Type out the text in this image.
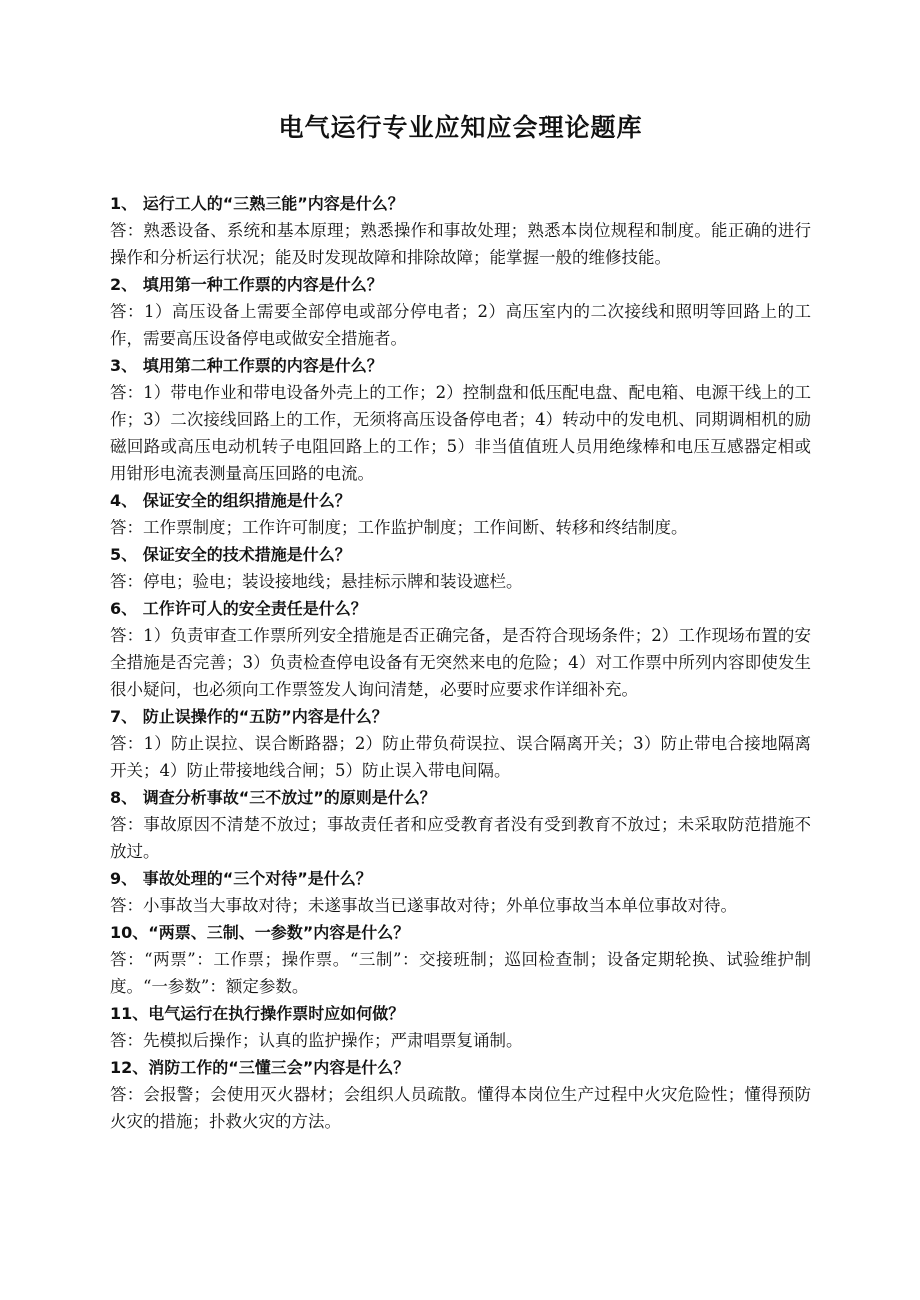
电气运行专业应知应会理论题库

1、 运行工人的“三熟三能”内容是什么？

答：熟悉设备、系统和基本原理；熟悉操作和事故处理；熟悉本岗位规程和制度。能正确的进行操作和分析运行状况；能及时发现故障和排除故障；能掌握一般的维修技能。

2、 填用第一种工作票的内容是什么？

答：1）高压设备上需要全部停电或部分停电者；2）高压室内的二次接线和照明等回路上的工作，需要高压设备停电或做安全措施者。

3、 填用第二种工作票的内容是什么？

答：1）带电作业和带电设备外壳上的工作；2）控制盘和低压配电盘、配电箱、电源干线上的工作；3）二次接线回路上的工作，无须将高压设备停电者；4）转动中的发电机、同期调相机的励磁回路或高压电动机转子电阻回路上的工作；5）非当值值班人员用绝缘棒和电压互感器定相或用钳形电流表测量高压回路的电流。

4、 保证安全的组织措施是什么？

答：工作票制度；工作许可制度；工作监护制度；工作间断、转移和终结制度。

5、 保证安全的技术措施是什么？

答：停电；验电；装设接地线；悬挂标示牌和装设遮栏。

6、 工作许可人的安全责任是什么？

答：1）负责审查工作票所列安全措施是否正确完备，是否符合现场条件；2）工作现场布置的安全措施是否完善；3）负责检查停电设备有无突然来电的危险；4）对工作票中所列内容即使发生很小疑问，也必须向工作票签发人询问清楚，必要时应要求作详细补充。

7、 防止误操作的“五防”内容是什么？

答：1）防止误拉、误合断路器；2）防止带负荷误拉、误合隔离开关；3）防止带电合接地隔离开关；4）防止带接地线合闸；5）防止误入带电间隔。

8、 调查分析事故“三不放过”的原则是什么？

答：事故原因不清楚不放过；事故责任者和应受教育者没有受到教育不放过；未采取防范措施不放过。

9、 事故处理的“三个对待”是什么？

答：小事故当大事故对待；未遂事故当已遂事故对待；外单位事故当本单位事故对待。

10、“两票、三制、一参数”内容是什么？

答：“两票”：工作票；操作票。“三制”：交接班制；巡回检查制；设备定期轮换、试验维护制度。“一参数”：额定参数。

11、电气运行在执行操作票时应如何做？

答：先模拟后操作；认真的监护操作；严肃唱票复诵制。

12、消防工作的“三懂三会”内容是什么？

答：会报警；会使用灭火器材；会组织人员疏散。懂得本岗位生产过程中火灾危险性；懂得预防火灾的措施；扑救火灾的方法。
